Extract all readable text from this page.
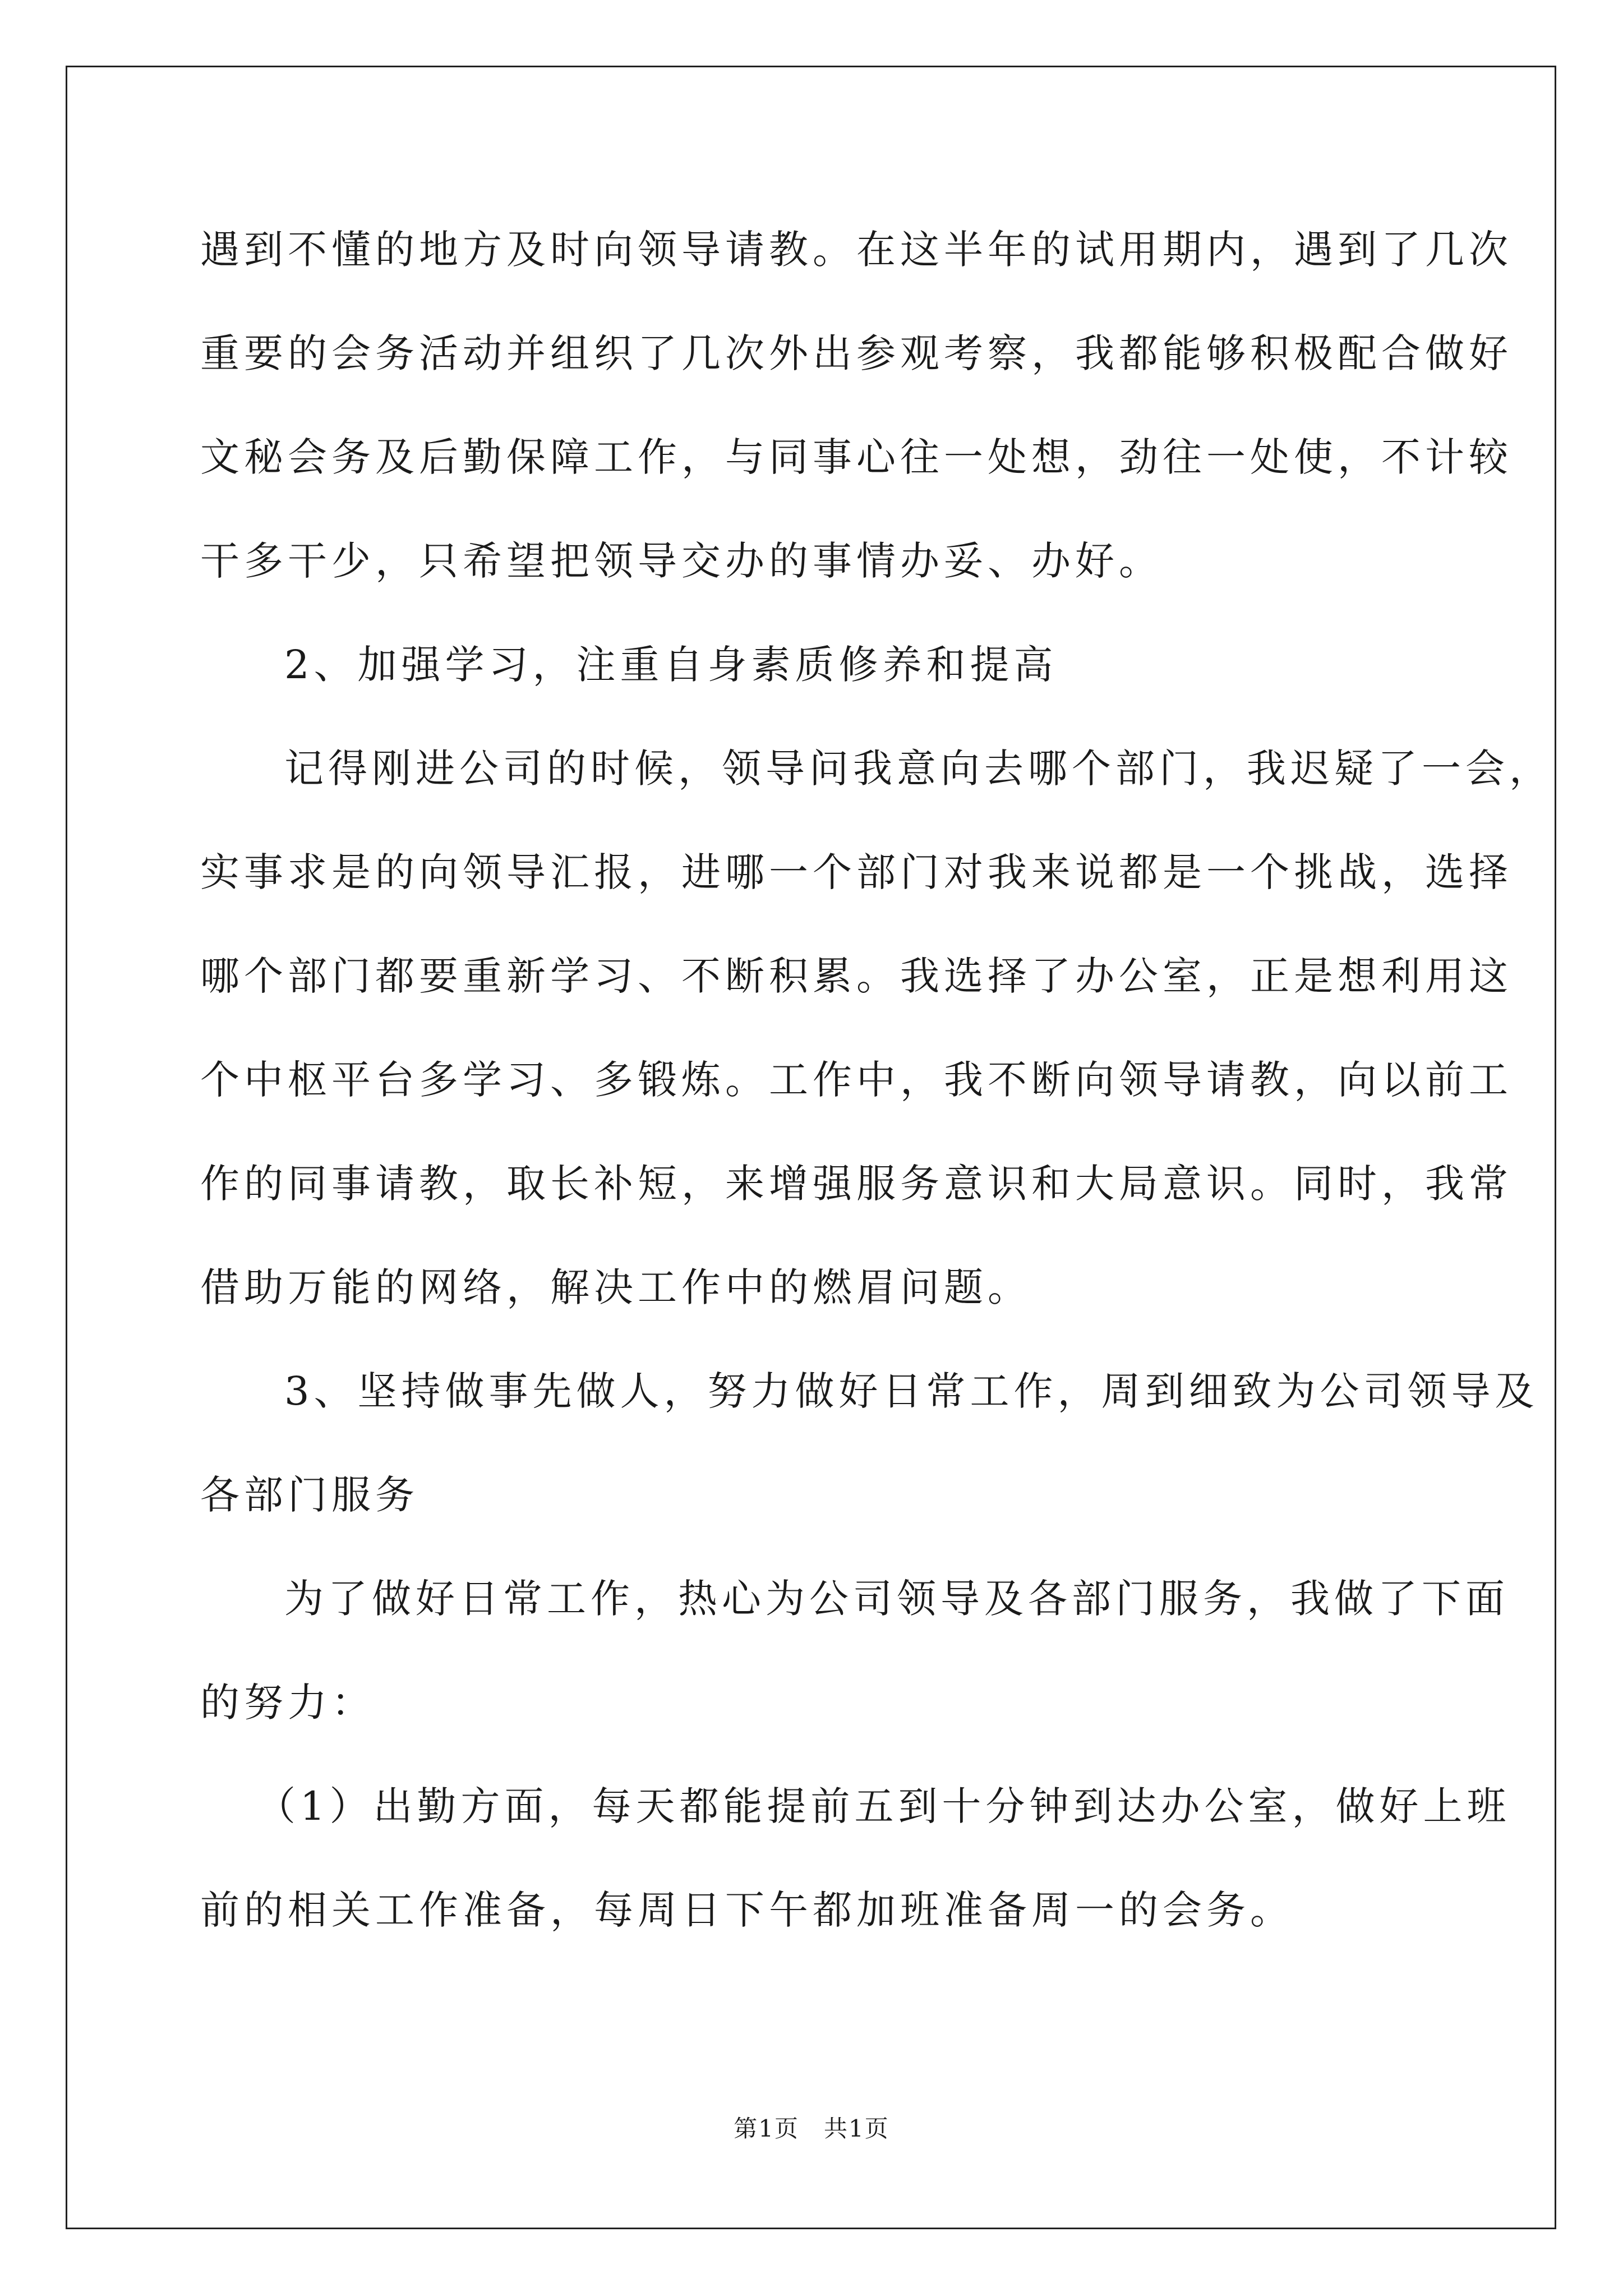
遇到不懂的地方及时向领导请教。在这半年的试用期内，遇到了几次
重要的会务活动并组织了几次外出参观考察，我都能够积极配合做好
文秘会务及后勤保障工作，与同事心往一处想，劲往一处使，不计较
干多干少，只希望把领导交办的事情办妥、办好。
2、加强学习，注重自身素质修养和提高
记得刚进公司的时候，领导问我意向去哪个部门，我迟疑了一会，
实事求是的向领导汇报，进哪一个部门对我来说都是一个挑战，选择
哪个部门都要重新学习、不断积累。我选择了办公室，正是想利用这
个中枢平台多学习、多锻炼。工作中，我不断向领导请教，向以前工
作的同事请教，取长补短，来增强服务意识和大局意识。同时，我常
借助万能的网络，解决工作中的燃眉问题。
3、坚持做事先做人，努力做好日常工作，周到细致为公司领导及
各部门服务
为了做好日常工作，热心为公司领导及各部门服务，我做了下面
的努力：
（1）出勤方面，每天都能提前五到十分钟到达办公室，做好上班
前的相关工作准备，每周日下午都加班准备周一的会务。
第1页　共1页
